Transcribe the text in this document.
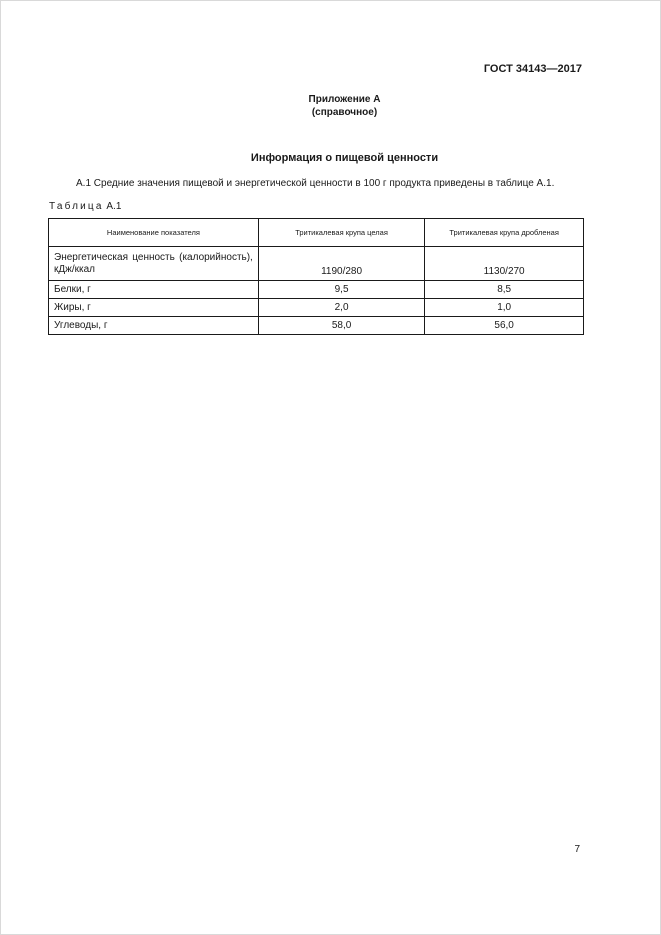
ГОСТ 34143—2017
Приложение А
(справочное)
Информация о пищевой ценности
А.1 Средние значения пищевой и энергетической ценности в 100 г продукта приведены в таблице А.1.
Таблица А.1
Наименование показателя	Тритикалевая крупа целая	Тритикалевая крупа дробленая
Энергетическая ценность (калорийность), кДж/ккал	1190/280	1130/270
Белки, г	9,5	8,5
Жиры, г	2,0	1,0
Углеводы, г	58,0	56,0
7
